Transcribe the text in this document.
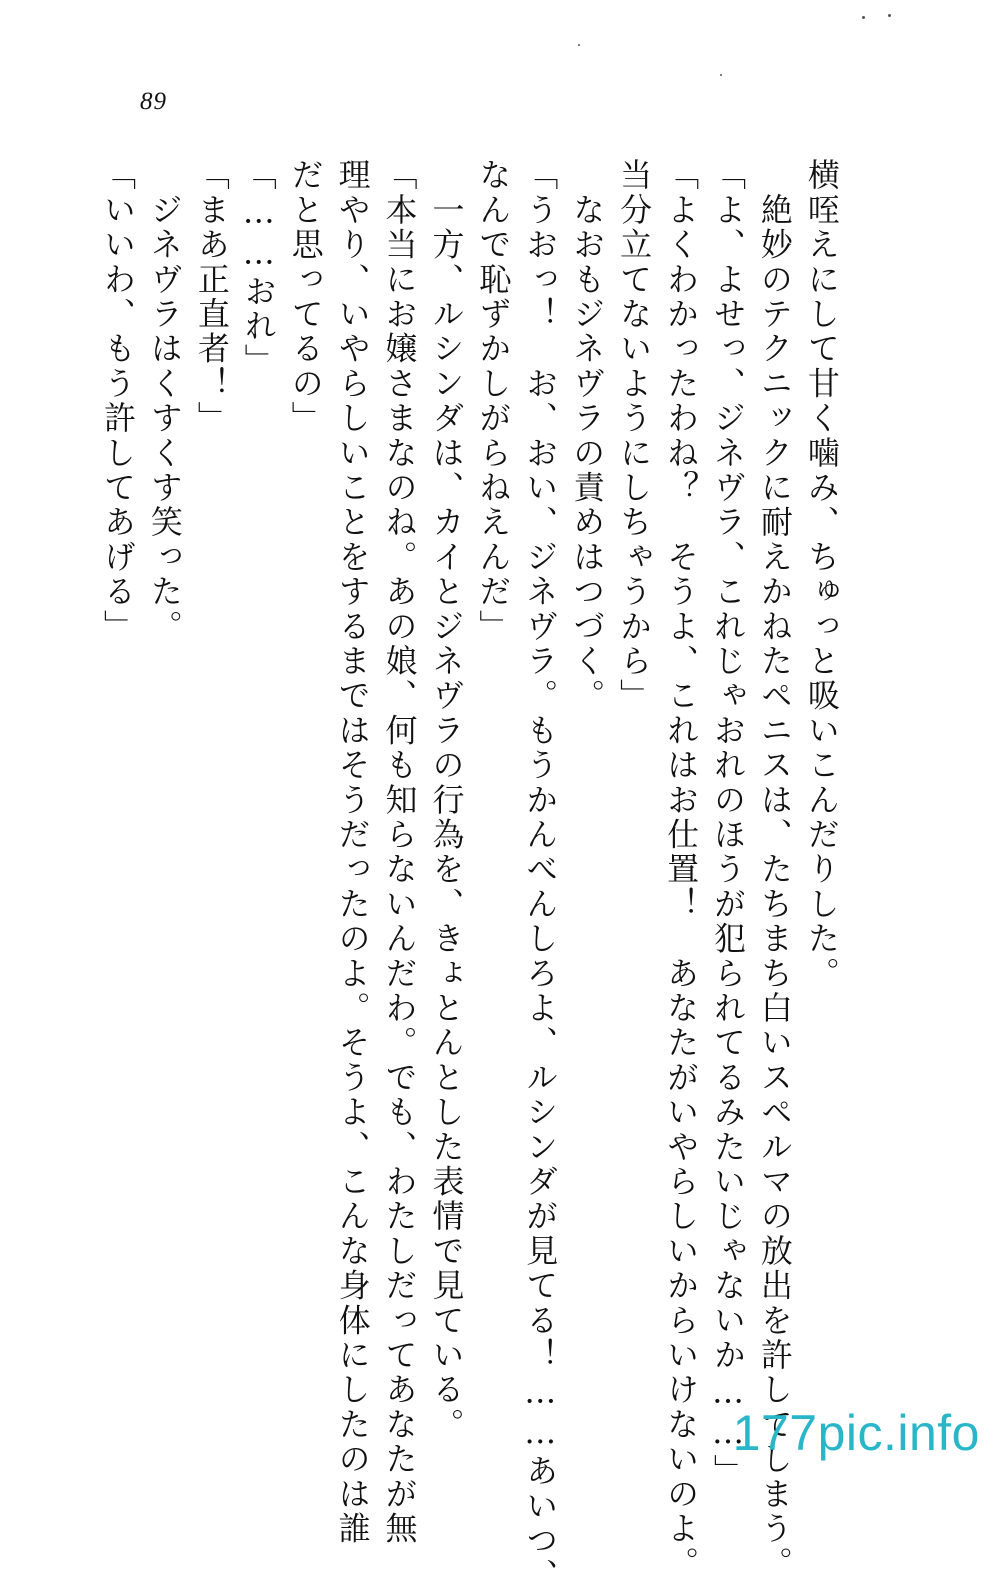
89
横咥えにして甘く噛み、ちゅっと吸いこんだりした。
　絶妙のテクニックに耐えかねたペニスは、たちまち白いスペルマの放出を許してしまう。
「よ、よせっ、ジネヴラ、これじゃおれのほうが犯られてるみたいじゃないか……」
「よくわかったわね？　そうよ、これはお仕置！　あなたがいやらしいからいけないのよ。
当分立てないようにしちゃうから」
　なおもジネヴラの責めはつづく。
「うおっ！　お、おい、ジネヴラ。もうかんべんしろよ、ルシンダが見てる！……あいつ、
なんで恥ずかしがらねえんだ」
　一方、ルシンダは、カイとジネヴラの行為を、きょとんとした表情で見ている。
「本当にお嬢さまなのね。あの娘、何も知らないんだわ。でも、わたしだってあなたが無
理やり、いやらしいことをするまではそうだったのよ。そうよ、こんな身体にしたのは誰
だと思ってるの」
「……おれ」
「まあ正直者！」
　ジネヴラはくすくす笑った。
「いいわ、もう許してあげる」
177pic.info
